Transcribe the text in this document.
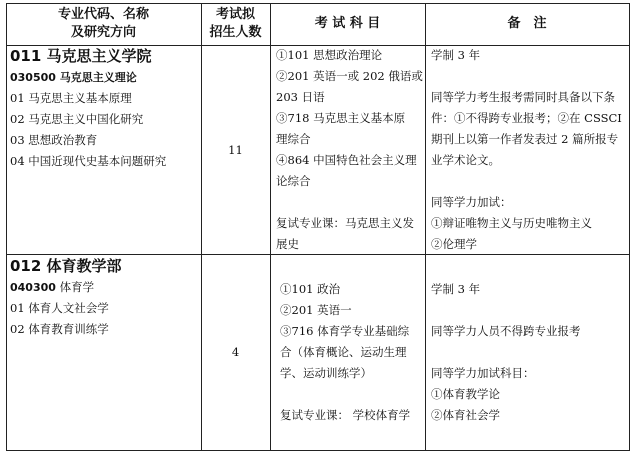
专业代码、名称
及研究方向
考试拟
招生人数
考 试 科 目	备　注
011 马克思主义学院
030500 马克思主义理论
01 马克思主义基本原理
02 马克思主义中国化研究
03 思想政治教育
04 中国近现代史基本问题研究
11
①101 思想政治理论
②201 英语一或 202 俄语或
203 日语
③718 马克思主义基本原
理综合
④864 中国特色社会主义理
论综合
复试专业课：马克思主义发
展史
学制 3 年
同等学力考生报考需同时具备以下条
件：①不得跨专业报考；②在 CSSCI
期刊上以第一作者发表过 2 篇所报专
业学术论文。
同等学力加试：
①辩证唯物主义与历史唯物主义
②伦理学
012 体育教学部
040300 体育学
01 体育人文社会学
02 体育教育训练学
4
①101 政治
②201 英语一
③716 体育学专业基础综
合（体育概论、运动生理
学、运动训练学）
复试专业课： 学校体育学
学制 3 年
同等学力人员不得跨专业报考
同等学力加试科目：
①体育教学论
②体育社会学
